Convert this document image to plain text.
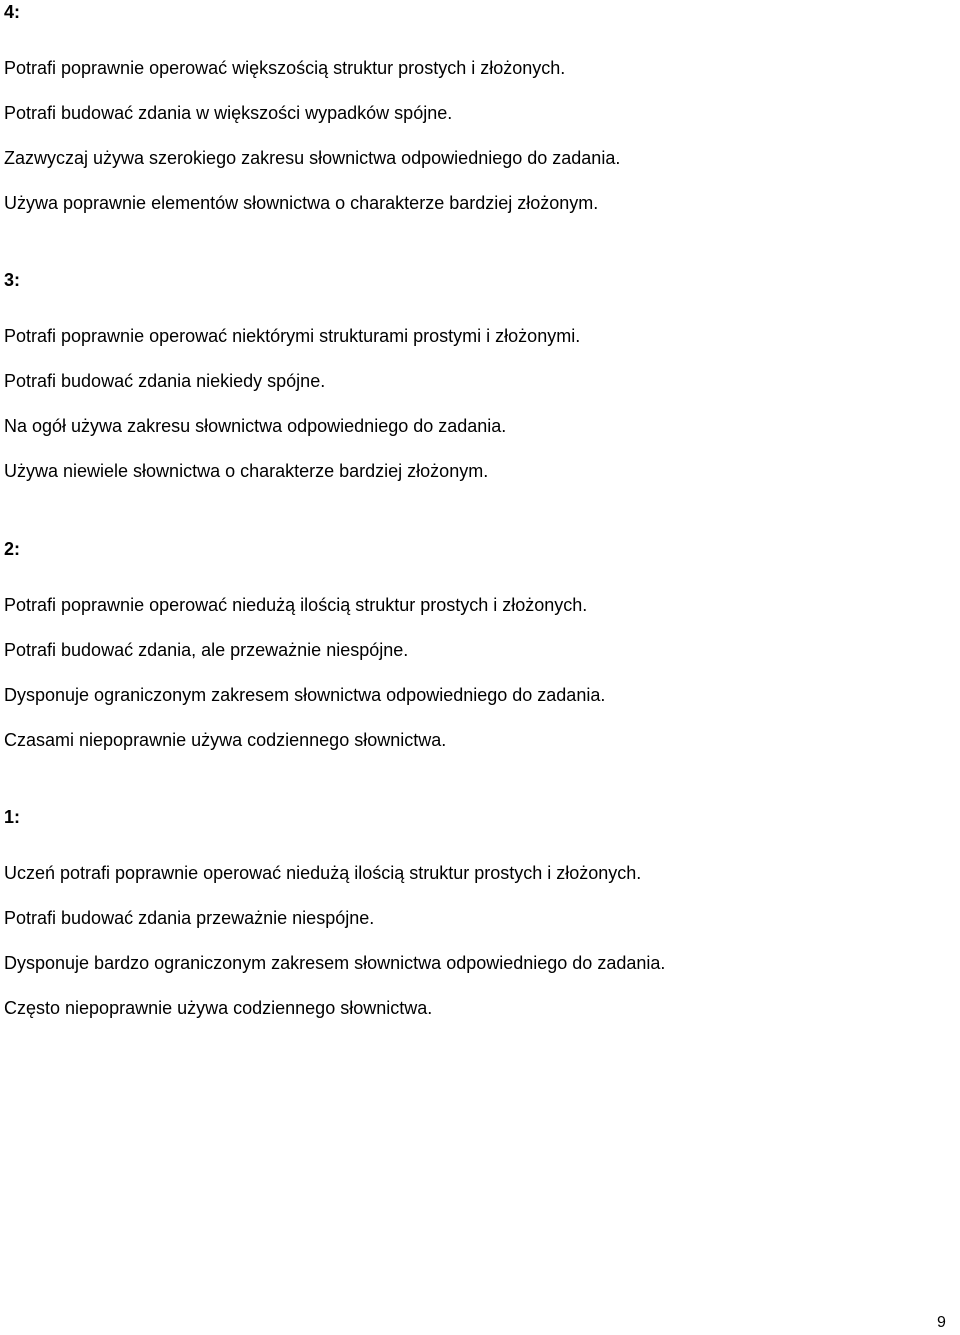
4:
Potrafi poprawnie operować większością struktur prostych i złożonych.
Potrafi budować zdania w większości wypadków spójne.
Zazwyczaj używa szerokiego zakresu słownictwa odpowiedniego do zadania.
Używa poprawnie elementów słownictwa o charakterze bardziej złożonym.
3:
Potrafi poprawnie operować niektórymi strukturami prostymi i złożonymi.
Potrafi budować zdania niekiedy spójne.
Na ogół używa zakresu słownictwa odpowiedniego do zadania.
Używa niewiele słownictwa o charakterze bardziej złożonym.
2:
Potrafi poprawnie operować niedużą ilością struktur prostych i złożonych.
Potrafi budować zdania, ale przeważnie niespójne.
Dysponuje ograniczonym zakresem słownictwa odpowiedniego do zadania.
Czasami niepoprawnie używa codziennego słownictwa.
1:
Uczeń potrafi poprawnie operować niedużą ilością struktur prostych i złożonych.
Potrafi budować zdania przeważnie niespójne.
Dysponuje bardzo ograniczonym zakresem słownictwa odpowiedniego do zadania.
Często niepoprawnie używa codziennego słownictwa.
9
